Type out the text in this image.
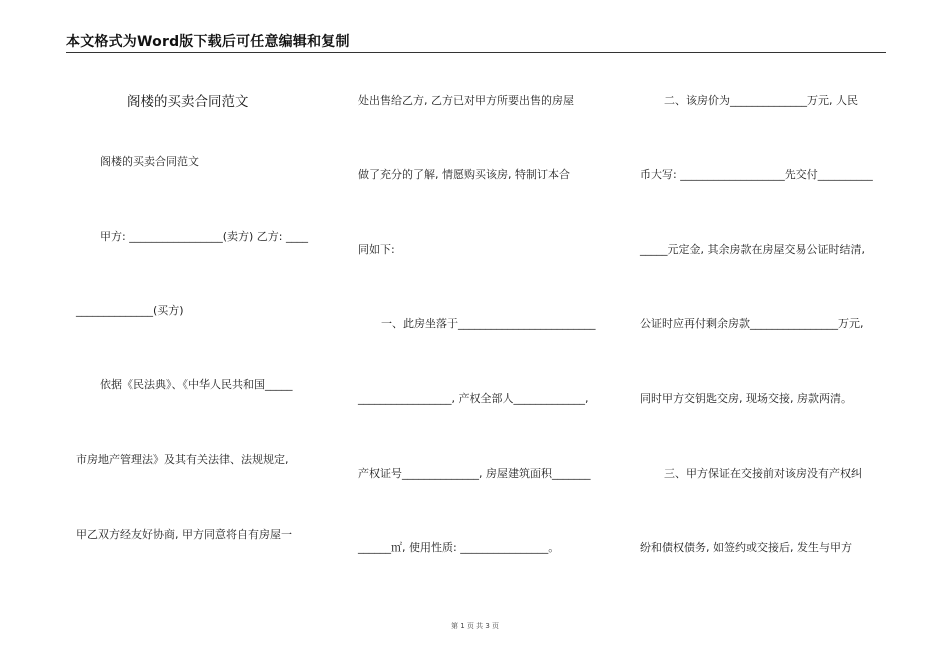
本文格式为Word版下载后可任意编辑和复制
阁楼的买卖合同范文
阁楼的买卖合同范文
甲方: _________________(卖方) 乙方: ____
______________(买方)
依据《民法典》、《中华人民共和国_____
市房地产管理法》及其有关法律、法规规定,
甲乙双方经友好协商, 甲方同意将自有房屋一
处出售给乙方, 乙方已对甲方所要出售的房屋
做了充分的了解, 情愿购买该房, 特制订本合
同如下:
一、此房坐落于_________________________
_________________, 产权全部人_____________,
产权证号______________, 房屋建筑面积_______
______㎡, 使用性质: ________________。
二、该房价为______________万元, 人民
币大写: ___________________先交付__________
_____元定金, 其余房款在房屋交易公证时结清,
公证时应再付剩余房款________________万元,
同时甲方交钥匙交房, 现场交接, 房款两清。
三、甲方保证在交接前对该房没有产权纠
纷和债权债务, 如签约或交接后, 发生与甲方
第 1 页 共 3 页
